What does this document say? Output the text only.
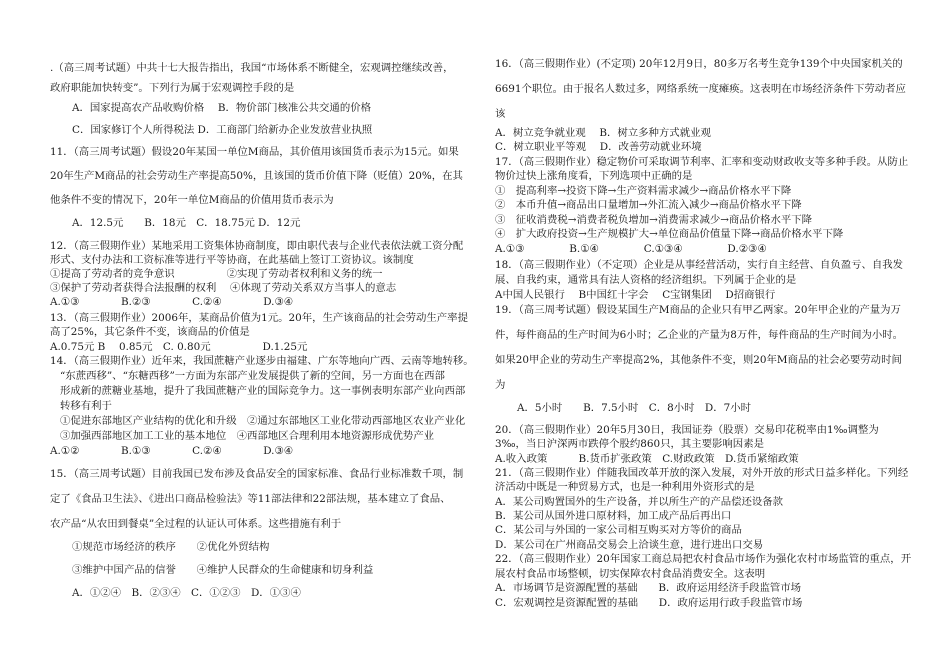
.（高三周考试题）中共十七大报告指出，我国“市场体系不断健全，宏观调控继续改善，
政府职能加快转变”。下列行为属于宏观调控手段的是
A．国家提高农产品收购价格　 B．物价部门核准公共交通的价格
C．国家修订个人所得税法 D．工商部门给新办企业发放营业执照
11．（高三周考试题）假设20年某国一单位M商品，其价值用该国货币表示为15元。如果
20年生产M商品的社会劳动生产率提高50%，且该国的货币价值下降（贬值）20%，在其
他条件不变的情况下，20年一单位M商品的价值用货币表示为
A．12.5元　　B．18元　C．18.75元 D．12元
12．（高三假期作业）某地采用工资集体协商制度，即由职代表与企业代表依法就工资分配
形式、支付办法和工资标准等进行平等协商，在此基础上签订工资协议。该制度
①提高了劳动者的竞争意识　　　　　②实现了劳动者权利和义务的统一
③保护了劳动者获得合法报酬的权利　 ④体现了劳动关系双方当事人的意志
A.①③　　　　B.②③　　　　C.②④　　　　D.③④
13．（高三假期作业）2006年，某商品价值为1元。20年，生产该商品的社会劳动生产率提
高了25%，其它条件不变，该商品的价值是
A.0.75元 B　 0.85元　C. 0.80元　　　　　D.1.25元
14．（高三假期作业）近年来，我国蔗糖产业逐步由福建、广东等地向广西、云南等地转移。
“东蔗西移”、“东糖西移”一方面为东部产业发展提供了新的空间，另一方面也在西部
形成新的蔗糖业基地，提升了我国蔗糖产业的国际竞争力。这一事例表明东部产业向西部
转移有利于
①促进东部地区产业结构的优化和升级　②通过东部地区工业化带动西部地区农业产业化
③加强西部地区加工工业的基本地位　④西部地区合理利用本地资源形成优势产业
A.①②　　　　B.①③　　　　C.②④　　　　D.③④
15．（高三周考试题）目前我国已发布涉及食品安全的国家标准、食品行业标准数千项，制
定了《食品卫生法》、《进出口商品检验法》等11部法律和22部法规，基本建立了食品、
农产品“从农田到餐桌”全过程的认证认可体系。这些措施有利于
①规范市场经济的秩序　　②优化外贸结构
③维护中国产品的信誉　　④维护人民群众的生命健康和切身利益
A．①②④　B．②③④　C．①②③　D．①③④
16．（高三假期作业）(不定项) 20年12月9日，80多万名考生竞争139个中央国家机关的
6691个职位。由于报名人数过多，网络系统一度瘫痪。这表明在市场经济条件下劳动者应
该
A．树立竞争就业观　 B．树立多种方式就业观
C．树立职业平等观　 D．改善劳动就业环境
17．（高三假期作业）稳定物价可采取调节利率、汇率和变动财政收支等多种手段。从防止
物价过快上涨角度看，下列选项中正确的是
①　提高利率→投资下降→生产资料需求减少→商品价格水平下降
②　本币升值→商品出口量增加→外汇流入减少→商品价格水平下降
③　征收消费税→消费者税负增加→消费需求减少→商品价格水平下降
④　扩大政府投资→生产规模扩大→单位商品价值量下降→商品价格水平下降
A.①③　　　　 B.①④　　　　 C.①③④　　　　 D.②③④
18．（高三假期作业）（不定项）企业是从事经营活动，实行自主经营、自负盈亏、自我发
展、自我约束，通常具有法人资格的经济组织。下列属于企业的是
A中国人民银行　 B中国红十字会　 C宝钢集团　 D招商银行
19．（高三周考试题）假设某国生产M商品的企业只有甲乙两家。20年甲企业的产量为万
件，每件商品的生产时间为6小时；乙企业的产量为8万件，每件商品的生产时间为小时。
如果20甲企业的劳动生产率提高2%，其他条件不变，则20年M商品的社会必要劳动时间
为
A．5小时　　B．7.5小时　C．8小时　D．7小时
20．（高三假期作业）20年5月30日，我国证券（股票）交易印花税率由1‰调整为
3‰，当日沪深两市跌停个股约860只，其主要影响因素是
A.收入政策　　　B.货币扩张政策　C.财政政策　D.货币紧缩政策
21．（高三假期作业）伴随我国改革开放的深入发展，对外开放的形式日益多样化。下列经
济活动中既是一种贸易方式，也是一种利用外资形式的是
A．某公司购置国外的生产设备，并以所生产的产品偿还设备款
B．某公司从国外进口原材料，加工成产品后再出口
C．某公司与外国的一家公司相互购买对方等价的商品
D．某公司在广州商品交易会上洽谈生意，进行进出口交易
22．（高三假期作业）20年国家工商总局把农村食品市场作为强化农村市场监管的重点，开
展农村食品市场整顿，切实保障农村食品消费安全。这表明
A．市场调节是资源配置的基础　　B．政府运用经济手段监管市场
C．宏观调控是资源配置的基础　　D．政府运用行政手段监管市场
